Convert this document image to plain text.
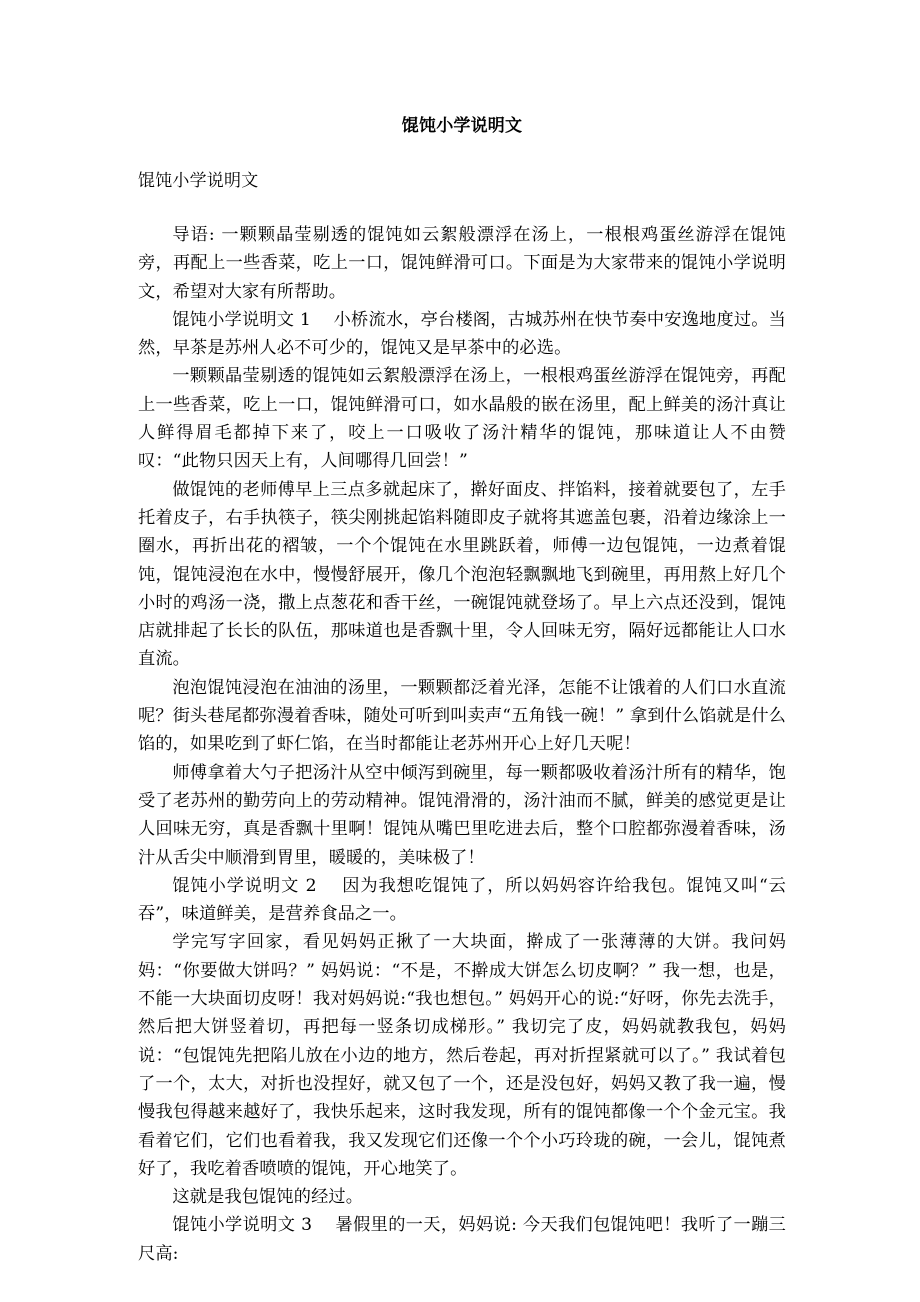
馄饨小学说明文

馄饨小学说明文

导语: 一颗颗晶莹剔透的馄饨如云絮般漂浮在汤上，一根根鸡蛋丝游浮在馄饨旁，再配上一些香菜，吃上一口，馄饨鲜滑可口。下面是为大家带来的馄饨小学说明文，希望对大家有所帮助。

馄饨小学说明文 1 小桥流水，亭台楼阁，古城苏州在快节奏中安逸地度过。当然，早茶是苏州人必不可少的，馄饨又是早茶中的必选。

一颗颗晶莹剔透的馄饨如云絮般漂浮在汤上，一根根鸡蛋丝游浮在馄饨旁，再配上一些香菜，吃上一口，馄饨鲜滑可口，如水晶般的嵌在汤里，配上鲜美的汤汁真让人鲜得眉毛都掉下来了，咬上一口吸收了汤汁精华的馄饨，那味道让人不由赞叹：“此物只因天上有，人间哪得几回尝！”

做馄饨的老师傅早上三点多就起床了，擀好面皮、拌馅料，接着就要包了，左手托着皮子，右手执筷子，筷尖刚挑起馅料随即皮子就将其遮盖包裹，沿着边缘涂上一圈水，再折出花的褶皱，一个个馄饨在水里跳跃着，师傅一边包馄饨，一边煮着馄饨，馄饨浸泡在水中，慢慢舒展开，像几个泡泡轻飘飘地飞到碗里，再用熬上好几个小时的鸡汤一浇，撒上点葱花和香干丝，一碗馄饨就登场了。早上六点还没到，馄饨店就排起了长长的队伍，那味道也是香飘十里，令人回味无穷，隔好远都能让人口水直流。

泡泡馄饨浸泡在油油的汤里，一颗颗都泛着光泽，怎能不让饿着的人们口水直流呢？街头巷尾都弥漫着香味，随处可听到叫卖声“五角钱一碗！” 拿到什么馅就是什么馅的，如果吃到了虾仁馅，在当时都能让老苏州开心上好几天呢！

师傅拿着大勺子把汤汁从空中倾泻到碗里，每一颗都吸收着汤汁所有的精华，饱受了老苏州的勤劳向上的劳动精神。馄饨滑滑的，汤汁油而不腻，鲜美的感觉更是让人回味无穷，真是香飘十里啊！馄饨从嘴巴里吃进去后，整个口腔都弥漫着香味，汤汁从舌尖中顺滑到胃里，暖暖的，美味极了！

馄饨小学说明文 2 因为我想吃馄饨了，所以妈妈容许给我包。馄饨又叫“云吞”，味道鲜美，是营养食品之一。

学完写字回家，看见妈妈正揪了一大块面，擀成了一张薄薄的大饼。我问妈妈：“你要做大饼吗？” 妈妈说：“不是，不擀成大饼怎么切皮啊？” 我一想，也是，不能一大块面切皮呀！我对妈妈说:“我也想包。” 妈妈开心的说:“好呀，你先去洗手，然后把大饼竖着切，再把每一竖条切成梯形。” 我切完了皮，妈妈就教我包，妈妈说：“包馄饨先把陷儿放在小边的地方，然后卷起，再对折捏紧就可以了。” 我试着包了一个，太大，对折也没捏好，就又包了一个，还是没包好，妈妈又教了我一遍，慢慢我包得越来越好了，我快乐起来，这时我发现，所有的馄饨都像一个个金元宝。我看着它们，它们也看着我，我又发现它们还像一个个小巧玲珑的碗，一会儿，馄饨煮好了，我吃着香喷喷的馄饨，开心地笑了。

这就是我包馄饨的经过。

馄饨小学说明文 3 暑假里的一天，妈妈说: 今天我们包馄饨吧！我听了一蹦三尺高:
